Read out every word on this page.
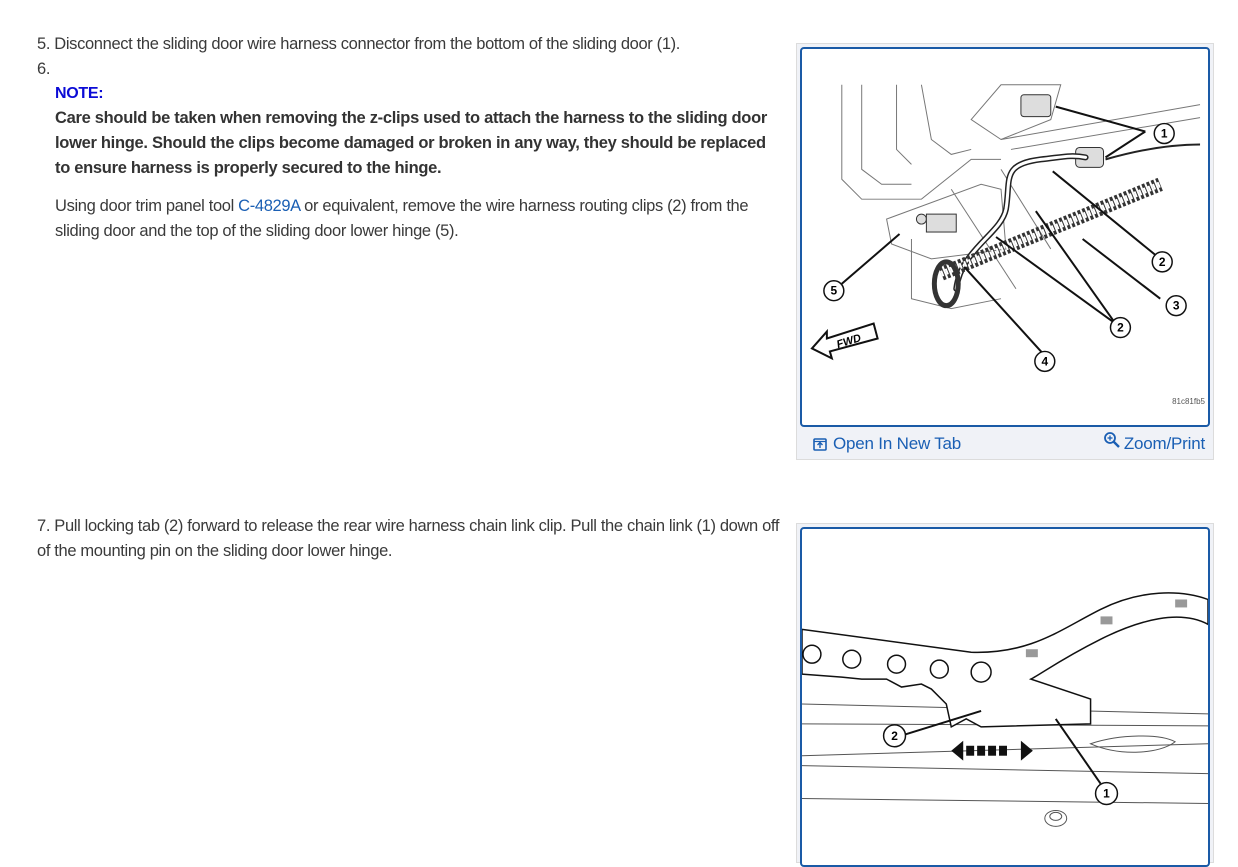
5. Disconnect the sliding door wire harness connector from the bottom of the sliding door (1).
6.
NOTE:
Care should be taken when removing the z-clips used to attach the harness to the sliding door lower hinge. Should the clips become damaged or broken in any way, they should be replaced to ensure harness is properly secured to the hinge.
Using door trim panel tool C-4829A or equivalent, remove the wire harness routing clips (2) from the sliding door and the top of the sliding door lower hinge (5).
7. Pull locking tab (2) forward to release the rear wire harness chain link clip. Pull the chain link (1) down off of the mounting pin on the sliding door lower hinge.
1
2
2
3
4
5
FWD
81c81fb5
Open In New Tab	Zoom/Print
2
1
